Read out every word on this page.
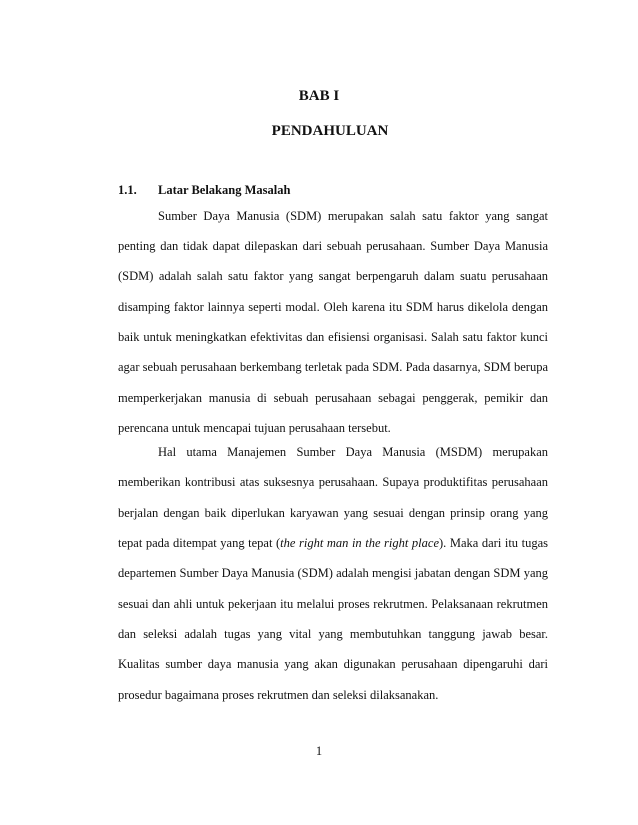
BAB I
PENDAHULUAN
1.1. Latar Belakang Masalah
Sumber Daya Manusia (SDM) merupakan salah satu faktor yang sangat
penting dan tidak dapat dilepaskan dari sebuah perusahaan. Sumber Daya Manusia
(SDM) adalah salah satu faktor yang sangat berpengaruh dalam suatu perusahaan
disamping faktor lainnya seperti modal. Oleh karena itu SDM harus dikelola dengan
baik untuk meningkatkan efektivitas dan efisiensi organisasi. Salah satu faktor kunci
agar sebuah perusahaan berkembang terletak pada SDM. Pada dasarnya, SDM berupa
memperkerjakan manusia di sebuah perusahaan sebagai penggerak, pemikir dan
perencana untuk mencapai tujuan perusahaan tersebut.
Hal utama Manajemen Sumber Daya Manusia (MSDM) merupakan
memberikan kontribusi atas suksesnya perusahaan. Supaya produktifitas perusahaan
berjalan dengan baik diperlukan karyawan yang sesuai dengan prinsip orang yang
tepat pada ditempat yang tepat (the right man in the right place). Maka dari itu tugas
departemen Sumber Daya Manusia (SDM) adalah mengisi jabatan dengan SDM yang
sesuai dan ahli untuk pekerjaan itu melalui proses rekrutmen. Pelaksanaan rekrutmen
dan seleksi adalah tugas yang vital yang membutuhkan tanggung jawab besar.
Kualitas sumber daya manusia yang akan digunakan perusahaan dipengaruhi dari
prosedur bagaimana proses rekrutmen dan seleksi dilaksanakan.
1
